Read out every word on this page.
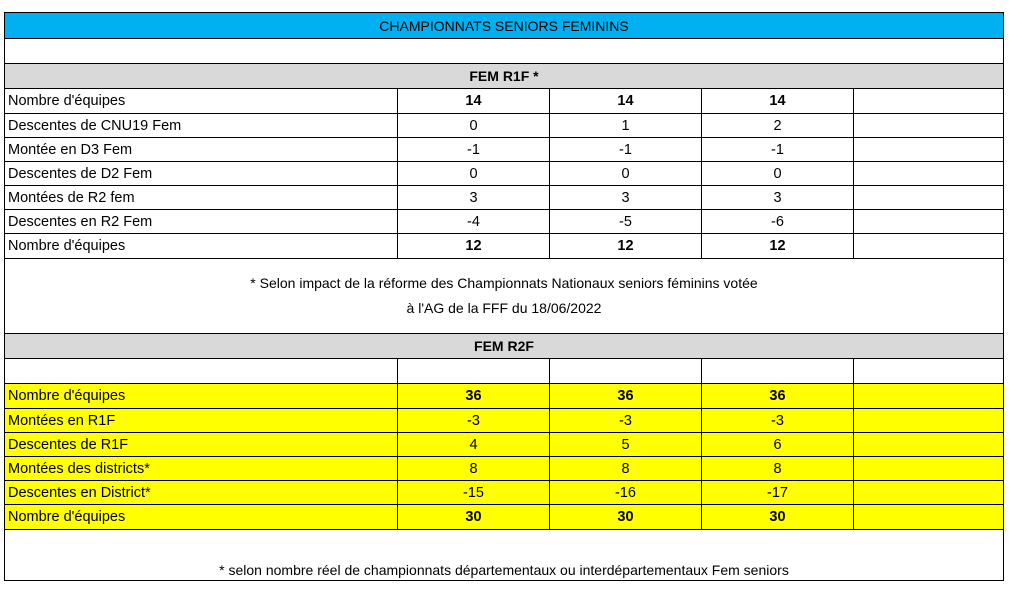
CHAMPIONNATS SENIORS FEMININS
FEM R1F *
Nombre d'équipes	14	14	14
Descentes de CNU19 Fem	0	1	2
Montée en D3 Fem	-1	-1	-1
Descentes de D2 Fem	0	0	0
Montées de R2 fem	3	3	3
Descentes en R2 Fem	-4	-5	-6
Nombre d'équipes	12	12	12
* Selon impact de la réforme des Championnats Nationaux seniors féminins votée
à l'AG de la FFF du 18/06/2022
FEM R2F
Nombre d'équipes	36	36	36
Montées en R1F	-3	-3	-3
Descentes de R1F	4	5	6
Montées des districts*	8	8	8
Descentes en District*	-15	-16	-17
Nombre d'équipes	30	30	30
* selon nombre réel de championnats départementaux ou interdépartementaux Fem seniors
